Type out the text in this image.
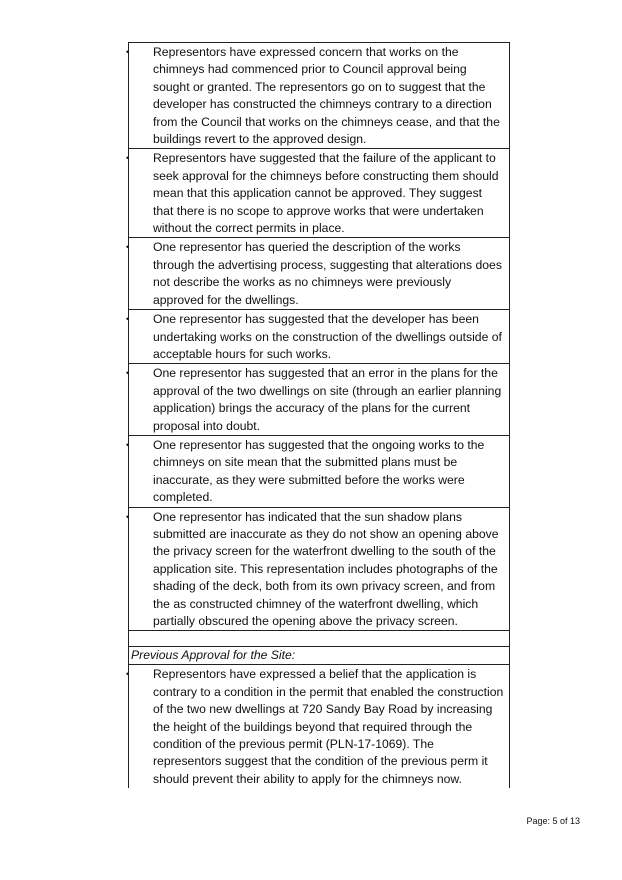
• Representors have expressed concern that works on the chimneys had commenced prior to Council approval being sought or granted. The representors go on to suggest that the developer has constructed the chimneys contrary to a direction from the Council that works on the chimneys cease, and that the buildings revert to the approved design.
• Representors have suggested that the failure of the applicant to seek approval for the chimneys before constructing them should mean that this application cannot be approved. They suggest that there is no scope to approve works that were undertaken without the correct permits in place.
• One representor has queried the description of the works through the advertising process, suggesting that alterations does not describe the works as no chimneys were previously approved for the dwellings.
• One representor has suggested that the developer has been undertaking works on the construction of the dwellings outside of acceptable hours for such works.
• One representor has suggested that an error in the plans for the approval of the two dwellings on site (through an earlier planning application) brings the accuracy of the plans for the current proposal into doubt.
• One representor has suggested that the ongoing works to the chimneys on site mean that the submitted plans must be inaccurate, as they were submitted before the works were completed.
• One representor has indicated that the sun shadow plans submitted are inaccurate as they do not show an opening above the privacy screen for the waterfront dwelling to the south of the application site. This representation includes photographs of the shading of the deck, both from its own privacy screen, and from the as constructed chimney of the waterfront dwelling, which partially obscured the opening above the privacy screen.
Previous Approval for the Site:
• Representors have expressed a belief that the application is contrary to a condition in the permit that enabled the construction of the two new dwellings at 720 Sandy Bay Road by increasing the height of the buildings beyond that required through the condition of the previous permit (PLN-17-1069). The representors suggest that the condition of the previous perm it should prevent their ability to apply for the chimneys now.
Page: 5 of 13
